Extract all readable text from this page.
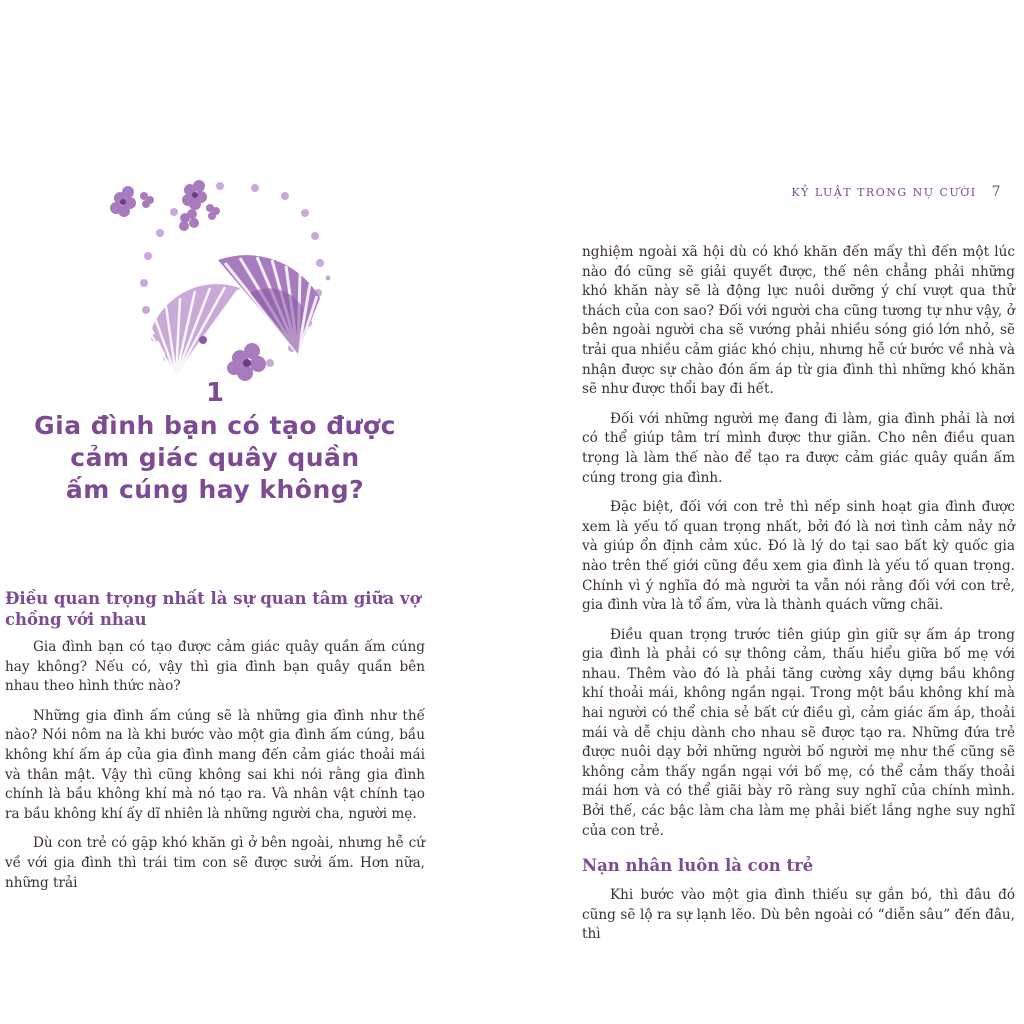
1
Gia đình bạn có tạo được
cảm giác quây quần
ấm cúng hay không?
Điều quan trọng nhất là sự quan tâm giữa vợ chồng với nhau

Gia đình bạn có tạo được cảm giác quây quần ấm cúng hay không? Nếu có, vậy thì gia đình bạn quây quần bên nhau theo hình thức nào?

Những gia đình ấm cúng sẽ là những gia đình như thế nào? Nói nôm na là khi bước vào một gia đình ấm cúng, bầu không khí ấm áp của gia đình mang đến cảm giác thoải mái và thân mật. Vậy thì cũng không sai khi nói rằng gia đình chính là bầu không khí mà nó tạo ra. Và nhân vật chính tạo ra bầu không khí ấy dĩ nhiên là những người cha, người mẹ.

Dù con trẻ có gặp khó khăn gì ở bên ngoài, nhưng hễ cứ về với gia đình thì trái tim con sẽ được sưởi ấm. Hơn nữa, những trải

KỶ LUẬT TRONG NỤ CƯỜI 7

nghiệm ngoài xã hội dù có khó khăn đến mấy thì đến một lúc nào đó cũng sẽ giải quyết được, thế nên chẳng phải những khó khăn này sẽ là động lực nuôi dưỡng ý chí vượt qua thử thách của con sao? Đối với người cha cũng tương tự như vậy, ở bên ngoài người cha sẽ vướng phải nhiều sóng gió lớn nhỏ, sẽ trải qua nhiều cảm giác khó chịu, nhưng hễ cứ bước về nhà và nhận được sự chào đón ấm áp từ gia đình thì những khó khăn sẽ như được thổi bay đi hết.

Đối với những người mẹ đang đi làm, gia đình phải là nơi có thể giúp tâm trí mình được thư giãn. Cho nên điều quan trọng là làm thế nào để tạo ra được cảm giác quây quần ấm cúng trong gia đình.

Đặc biệt, đối với con trẻ thì nếp sinh hoạt gia đình được xem là yếu tố quan trọng nhất, bởi đó là nơi tình cảm nảy nở và giúp ổn định cảm xúc. Đó là lý do tại sao bất kỳ quốc gia nào trên thế giới cũng đều xem gia đình là yếu tố quan trọng. Chính vì ý nghĩa đó mà người ta vẫn nói rằng đối với con trẻ, gia đình vừa là tổ ấm, vừa là thành quách vững chãi.

Điều quan trọng trước tiên giúp gìn giữ sự ấm áp trong gia đình là phải có sự thông cảm, thấu hiểu giữa bố mẹ với nhau. Thêm vào đó là phải tăng cường xây dựng bầu không khí thoải mái, không ngần ngại. Trong một bầu không khí mà hai người có thể chia sẻ bất cứ điều gì, cảm giác ấm áp, thoải mái và dễ chịu dành cho nhau sẽ được tạo ra. Những đứa trẻ được nuôi dạy bởi những người bố người mẹ như thế cũng sẽ không cảm thấy ngần ngại với bố mẹ, có thể cảm thấy thoải mái hơn và có thể giãi bày rõ ràng suy nghĩ của chính mình. Bởi thế, các bậc làm cha làm mẹ phải biết lắng nghe suy nghĩ của con trẻ.

Nạn nhân luôn là con trẻ

Khi bước vào một gia đình thiếu sự gắn bó, thì đâu đó cũng sẽ lộ ra sự lạnh lẽo. Dù bên ngoài có “diễn sâu” đến đâu, thì
